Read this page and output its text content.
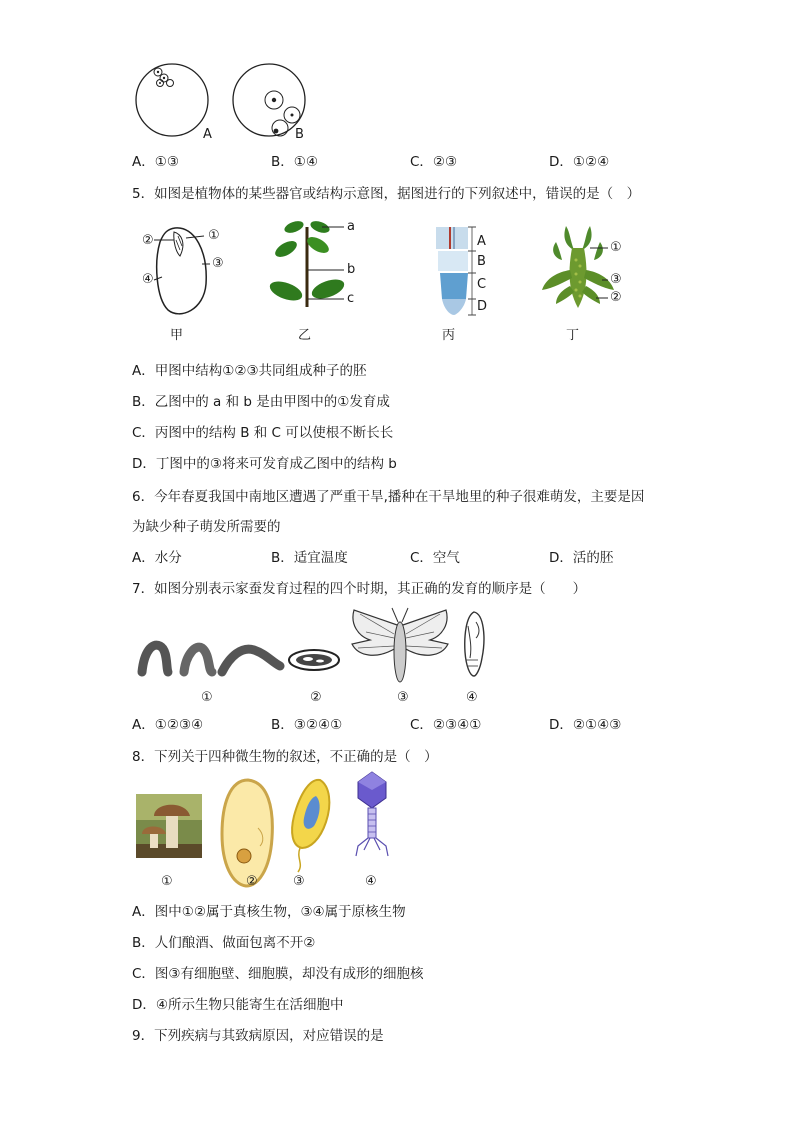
A	B
A．①③	B．①④	C．②③	D．①②④
5．如图是植物体的某些器官或结构示意图，据图进行的下列叙述中，错误的是（　）
②	①
③
④
甲
a
b
c
乙
A
B
C
D
丙
①
③
②
丁
A．甲图中结构①②③共同组成种子的胚
B．乙图中的 a 和 b 是由甲图中的①发育成
C．丙图中的结构 B 和 C 可以使根不断长长
D．丁图中的③将来可发育成乙图中的结构 b
6．今年春夏我国中南地区遭遇了严重干旱,播种在干旱地里的种子很难萌发，主要是因
为缺少种子萌发所需要的
A．水分	B．适宜温度	C．空气	D．活的胚
7．如图分别表示家蚕发育过程的四个时期，其正确的发育的顺序是（　　）
①	②	③	④
A．①②③④	B．③②④①	C．②③④①	D．②①④③
8．下列关于四种微生物的叙述，不正确的是（　）
①	②	③	④
A．图中①②属于真核生物，③④属于原核生物
B．人们酿酒、做面包离不开②
C．图③有细胞壁、细胞膜，却没有成形的细胞核
D．④所示生物只能寄生在活细胞中
9．下列疾病与其致病原因，对应错误的是
